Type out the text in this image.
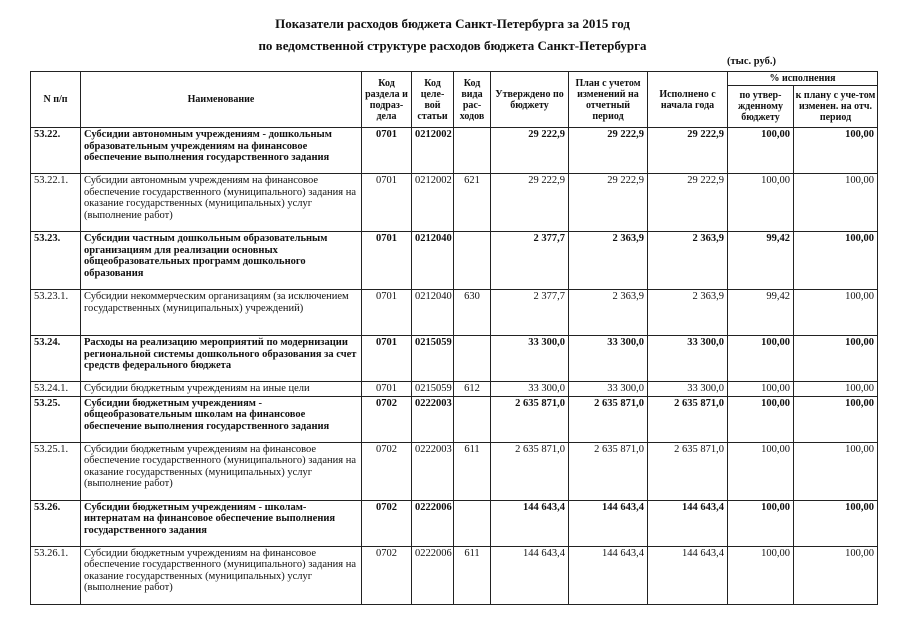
Показатели расходов бюджета Санкт-Петербурга за 2015 год
по ведомственной структуре расходов бюджета Санкт-Петербурга
(тыс. руб.)
N п/п	Наименование	Код раздела и подраз-дела	Код целе-вой статьи	Код вида рас-ходов	Утверждено по бюджету	План с учетом изменений на отчетный период	Исполнено с начала года	% исполнения	
								по утвер-жденному бюджету	к плану с уче-том изменен. на отч. период
53.22.	Субсидии автономным учреждениям - дошкольным образовательным учреждениям на финансовое обеспечение выполнения государственного задания	0701	0212002		29 222,9	29 222,9	29 222,9	100,00	100,00
53.22.1.	Субсидии автономным учреждениям на финансовое обеспечение государственного (муниципального) задания на оказание государственных (муниципальных) услуг (выполнение работ)	0701	0212002	621	29 222,9	29 222,9	29 222,9	100,00	100,00
53.23.	Субсидии частным дошкольным образовательным организациям для реализации основных общеобразовательных программ дошкольного образования	0701	0212040		2 377,7	2 363,9	2 363,9	99,42	100,00
53.23.1.	Субсидии некоммерческим организациям (за исключением государственных (муниципальных) учреждений)	0701	0212040	630	2 377,7	2 363,9	2 363,9	99,42	100,00
53.24.	Расходы на реализацию мероприятий по модернизации региональной системы дошкольного образования за счет средств федерального бюджета	0701	0215059		33 300,0	33 300,0	33 300,0	100,00	100,00
53.24.1.	Субсидии бюджетным учреждениям на иные цели	0701	0215059	612	33 300,0	33 300,0	33 300,0	100,00	100,00
53.25.	Субсидии бюджетным учреждениям - общеобразовательным школам на финансовое обеспечение выполнения государственного задания	0702	0222003		2 635 871,0	2 635 871,0	2 635 871,0	100,00	100,00
53.25.1.	Субсидии бюджетным учреждениям на финансовое обеспечение государственного (муниципального) задания на оказание государственных (муниципальных) услуг (выполнение работ)	0702	0222003	611	2 635 871,0	2 635 871,0	2 635 871,0	100,00	100,00
53.26.	Субсидии бюджетным учреждениям - школам-интернатам на финансовое обеспечение выполнения государственного задания	0702	0222006		144 643,4	144 643,4	144 643,4	100,00	100,00
53.26.1.	Субсидии бюджетным учреждениям на финансовое обеспечение государственного (муниципального) задания на оказание государственных (муниципальных) услуг (выполнение работ)	0702	0222006	611	144 643,4	144 643,4	144 643,4	100,00	100,00
